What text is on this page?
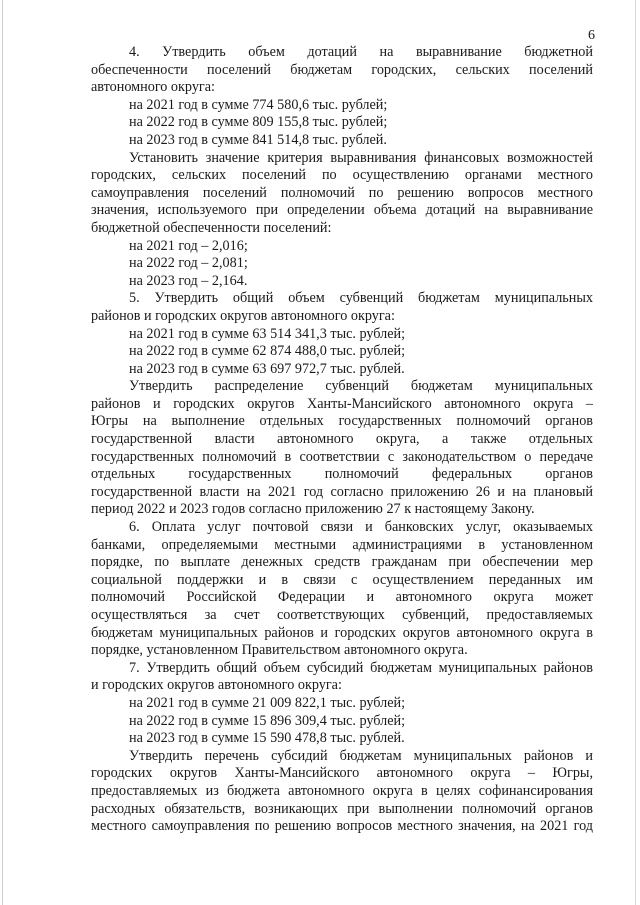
6
4. Утвердить объем дотаций на выравнивание бюджетной
обеспеченности поселений бюджетам городских, сельских поселений
автономного округа:
на 2021 год в сумме 774 580,6 тыс. рублей;
на 2022 год в сумме 809 155,8 тыс. рублей;
на 2023 год в сумме 841 514,8 тыс. рублей.
Установить значение критерия выравнивания финансовых возможностей
городских, сельских поселений по осуществлению органами местного
самоуправления поселений полномочий по решению вопросов местного
значения, используемого при определении объема дотаций на выравнивание
бюджетной обеспеченности поселений:
на 2021 год – 2,016;
на 2022 год – 2,081;
на 2023 год – 2,164.
5. Утвердить общий объем субвенций бюджетам муниципальных
районов и городских округов автономного округа:
на 2021 год в сумме 63 514 341,3 тыс. рублей;
на 2022 год в сумме 62 874 488,0 тыс. рублей;
на 2023 год в сумме 63 697 972,7 тыс. рублей.
Утвердить распределение субвенций бюджетам муниципальных
районов и городских округов Ханты-Мансийского автономного округа –
Югры на выполнение отдельных государственных полномочий органов
государственной власти автономного округа, а также отдельных
государственных полномочий в соответствии с законодательством о передаче
отдельных государственных полномочий федеральных органов
государственной власти на 2021 год согласно приложению 26 и на плановый
период 2022 и 2023 годов согласно приложению 27 к настоящему Закону.
6. Оплата услуг почтовой связи и банковских услуг, оказываемых
банками, определяемыми местными администрациями в установленном
порядке, по выплате денежных средств гражданам при обеспечении мер
социальной поддержки и в связи с осуществлением переданных им
полномочий Российской Федерации и автономного округа может
осуществляться за счет соответствующих субвенций, предоставляемых
бюджетам муниципальных районов и городских округов автономного округа в
порядке, установленном Правительством автономного округа.
7. Утвердить общий объем субсидий бюджетам муниципальных районов
и городских округов автономного округа:
на 2021 год в сумме 21 009 822,1 тыс. рублей;
на 2022 год в сумме 15 896 309,4 тыс. рублей;
на 2023 год в сумме 15 590 478,8 тыс. рублей.
Утвердить перечень субсидий бюджетам муниципальных районов и
городских округов Ханты-Мансийского автономного округа – Югры,
предоставляемых из бюджета автономного округа в целях софинансирования
расходных обязательств, возникающих при выполнении полномочий органов
местного самоуправления по решению вопросов местного значения, на 2021 год
